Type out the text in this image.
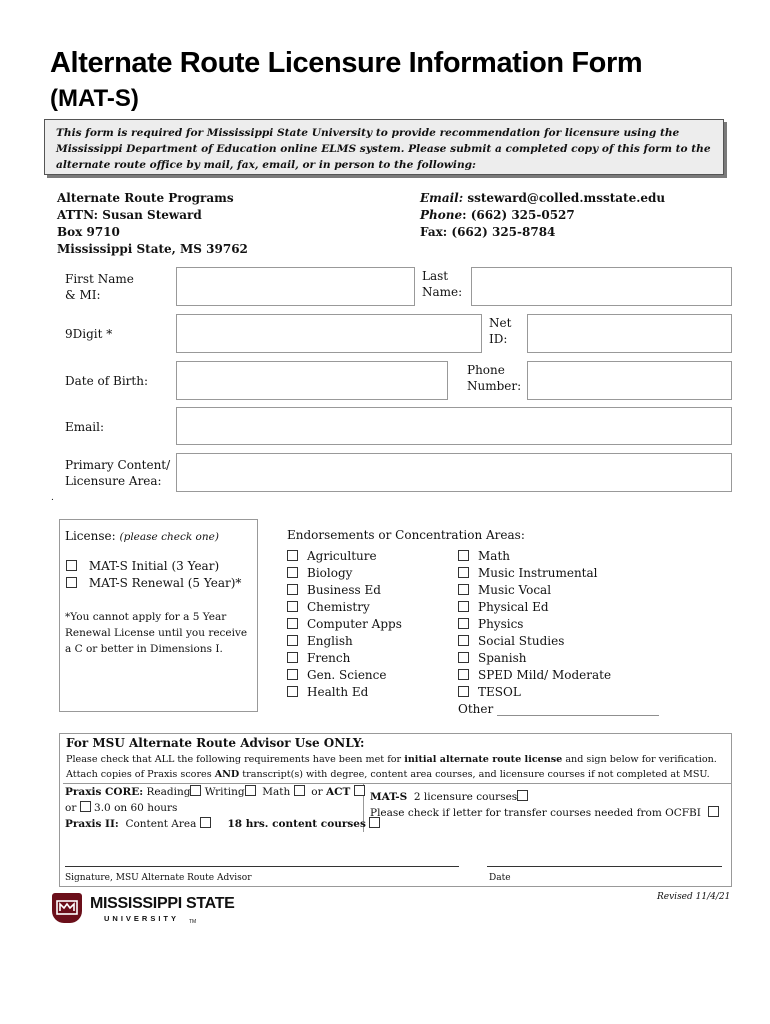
Alternate Route Licensure Information Form
(MAT-S)
This form is required for Mississippi State University to provide recommendation for licensure using the Mississippi Department of Education online ELMS system. Please submit a completed copy of this form to the alternate route office by mail, fax, email, or in person to the following:
Alternate Route Programs
ATTN: Susan Steward
Box 9710
Mississippi State, MS 39762
Email: ssteward@colled.msstate.edu
Phone: (662) 325-0527
Fax: (662) 325-8784
First Name
& MI:
Last
Name:
9Digit *
Net
ID:
Date of Birth:
Phone
Number:
Email:
Primary Content/
Licensure Area:
.
License: (please check one)
MAT-S Initial (3 Year)
MAT-S Renewal (5 Year)*
*You cannot apply for a 5 Year Renewal License until you receive a C or better in Dimensions I.
Endorsements or Concentration Areas:
Agriculture
Biology
Business Ed
Chemistry
Computer Apps
English
French
Gen. Science
Health Ed
Math
Music Instrumental
Music Vocal
Physical Ed
Physics
Social Studies
Spanish
SPED Mild/ Moderate
TESOL
Other ___________________________
For MSU Alternate Route Advisor Use ONLY:
Please check that ALL the following requirements have been met for initial alternate route license and sign below for verification.
Attach copies of Praxis scores AND transcript(s) with degree, content area courses, and licensure courses if not completed at MSU.
Praxis CORE: Reading Writing Math or ACT
or 3.0 on 60 hours
Praxis II: Content Area	18 hrs. content courses
MAT-S 2 licensure courses
Please check if letter for transfer courses needed from OCFBI
Signature, MSU Alternate Route Advisor	Date
MISSISSIPPI STATE
UNIVERSITY TM
Revised 11/4/21
